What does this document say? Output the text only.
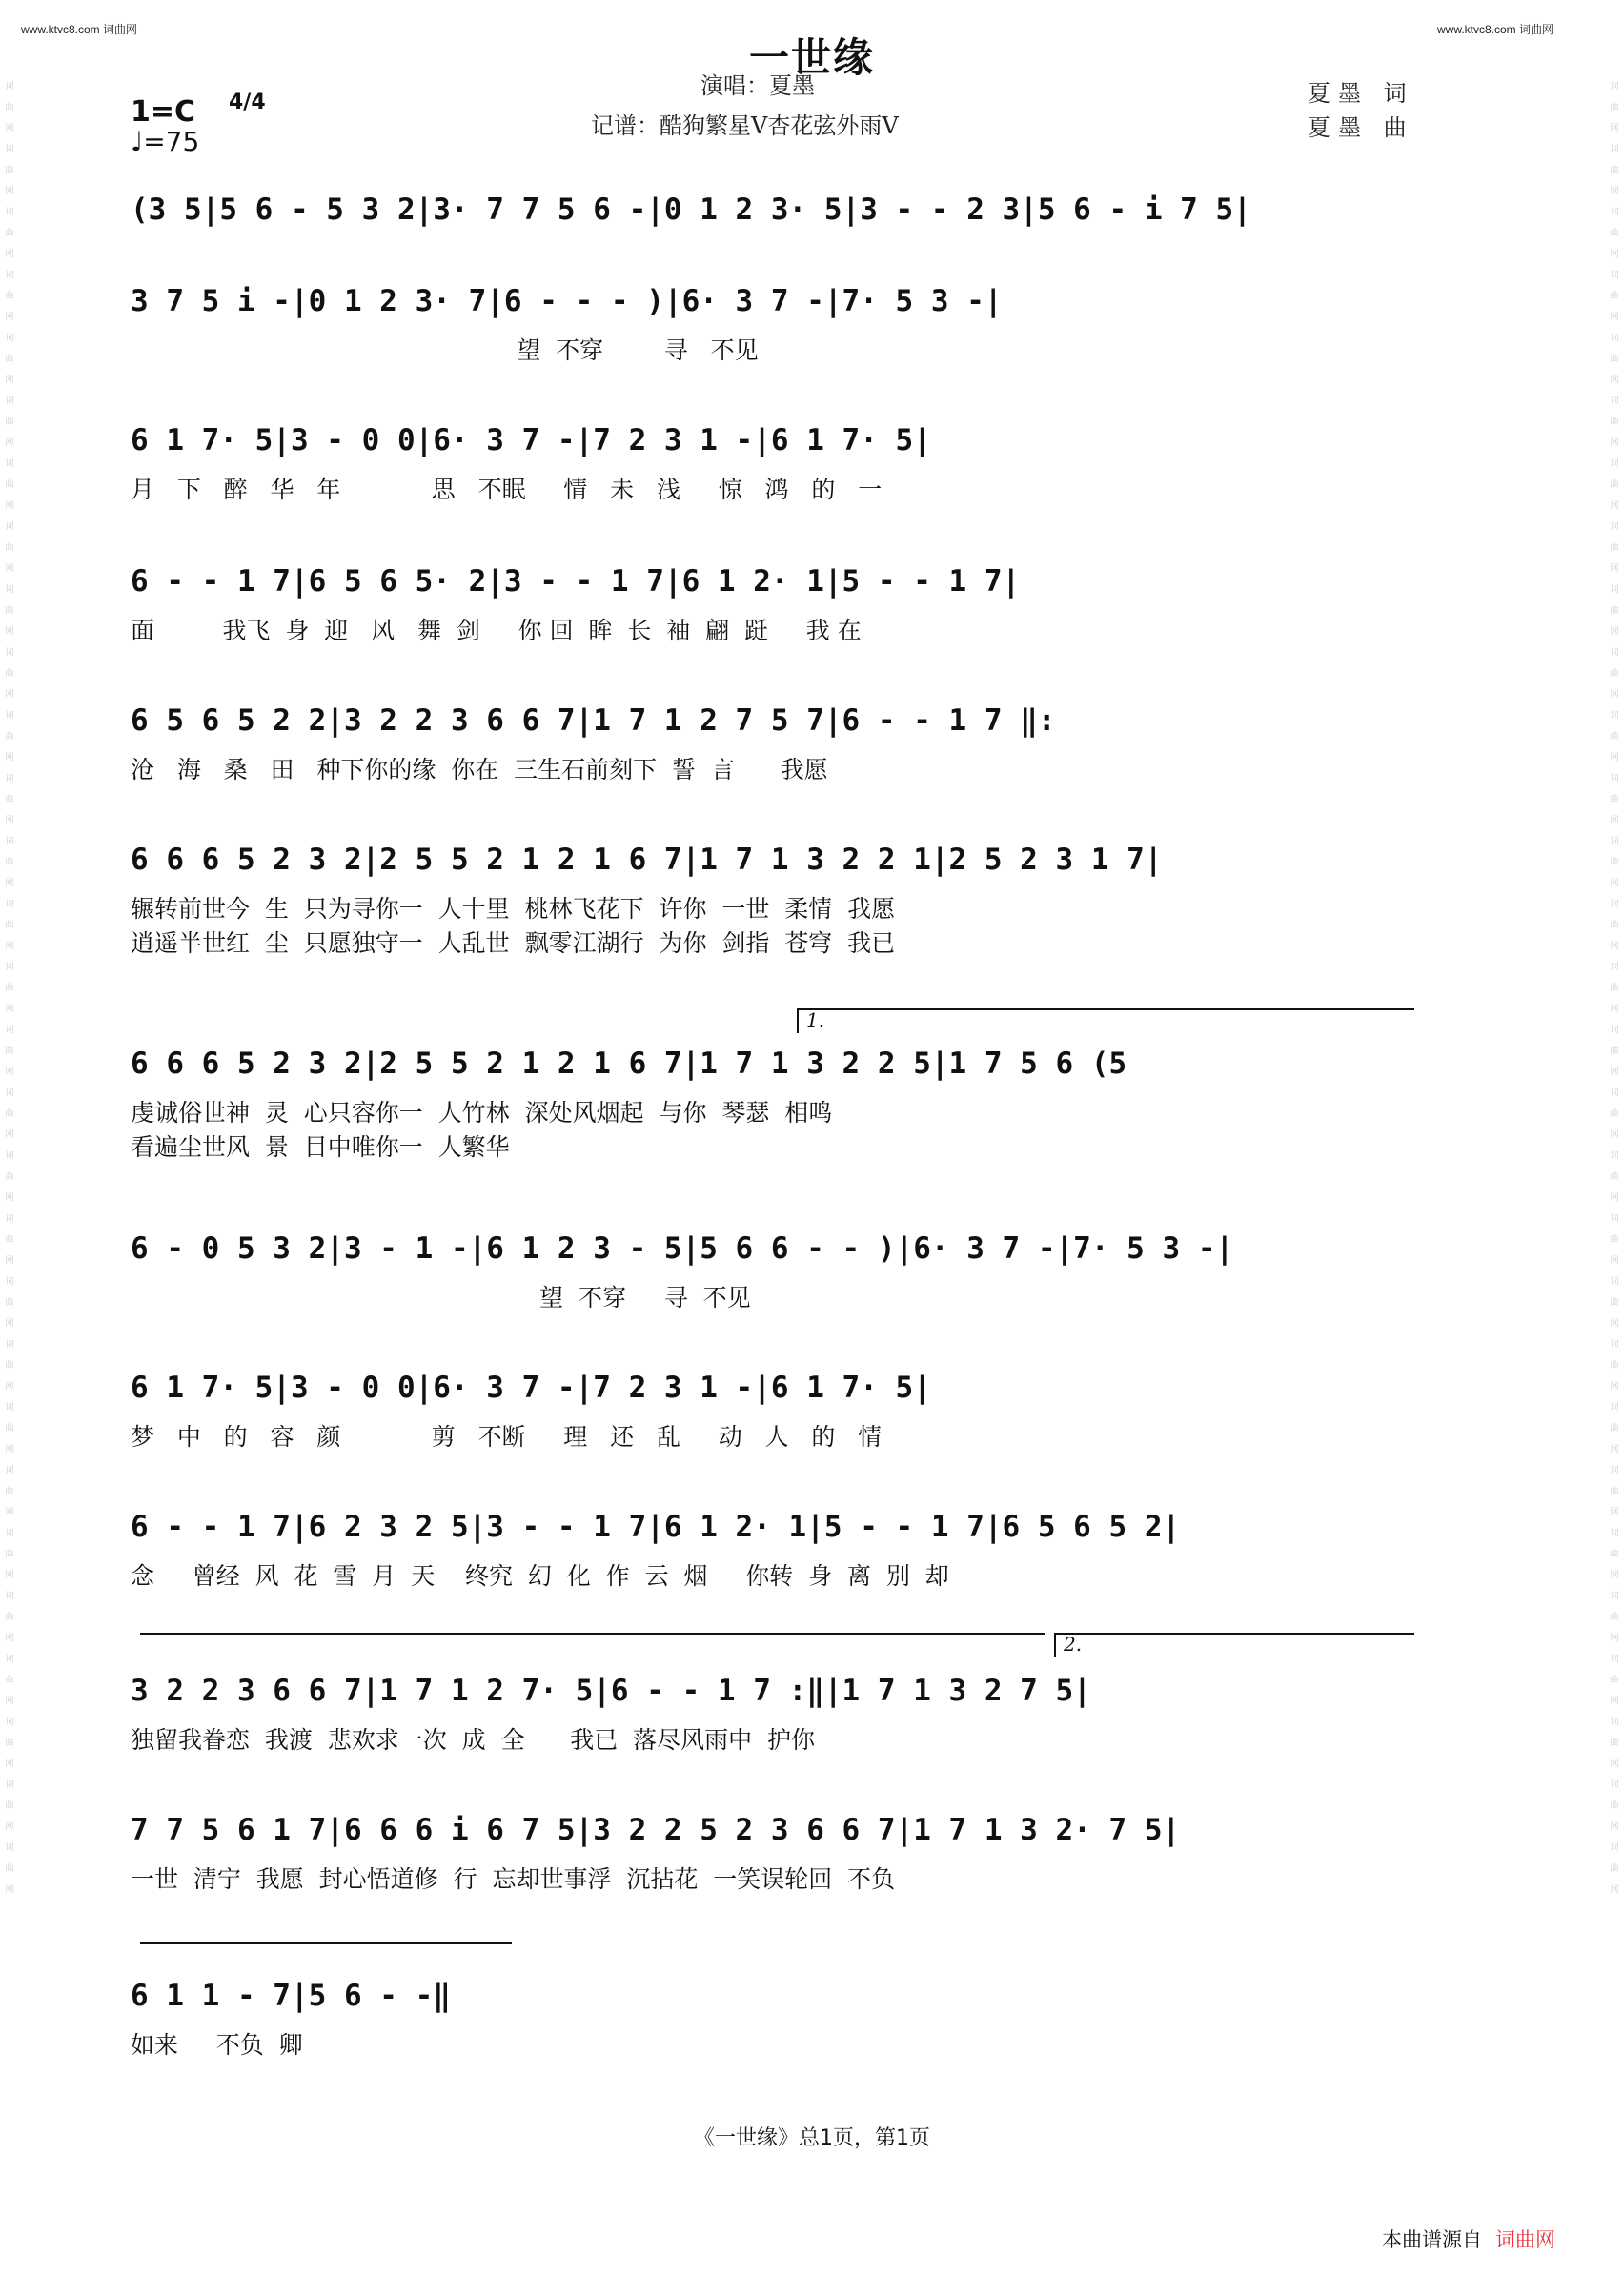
www.ktvc8.com 词曲网	www.ktvc8.com 词曲网
词曲网词曲网词曲网词曲网词曲网词曲网词曲网词曲网词曲网词曲网词曲网词曲网词曲网词曲网词曲网词曲网词曲网词曲网词曲网词曲网词曲网词曲网词曲网词曲网词曲网词曲网词曲网词曲网词曲网
词曲网词曲网词曲网词曲网词曲网词曲网词曲网词曲网词曲网词曲网词曲网词曲网词曲网词曲网词曲网词曲网词曲网词曲网词曲网词曲网词曲网词曲网词曲网词曲网词曲网词曲网词曲网词曲网词曲网
一世缘
演唱：夏墨
记谱：酷狗繁星V杏花弦外雨V
夏墨 词
夏墨 曲
1=C 4/4
♩=75
(3 5|5 6 - 5 3 2|3· 7 7 5 6 -|0 1 2 3· 5|3 - - 2 3|5 6 - i 7 5|
3 7 5 i -|0 1 2 3· 7|6 - - - )|6· 3 7 -|7· 5 3 -|
望  不穿        寻   不见
6 1 7· 5|3 - 0 0|6· 3 7 -|7 2 3 1 -|6 1 7· 5|
月   下   醉   华   年            思   不眠     情   未   浅     惊   鸿   的   一
6 - - 1 7|6 5 6 5· 2|3 - - 1 7|6 1 2· 1|5 - - 1 7|
面         我飞  身  迎   风   舞  剑     你 回  眸  长  袖  翩  跹     我 在
6 5 6 5 2 2|3 2 2 3 6 6 7|1 7 1 2 7 5 7|6 - - 1 7 ‖:
沧   海   桑   田   种下你的缘  你在  三生石前刻下  誓  言      我愿
6 6 6 5 2 3 2|2 5 5 2 1 2 1 6 7|1 7 1 3 2 2 1|2 5 2 3 1 7|
辗转前世今  生  只为寻你一  人十里  桃林飞花下  许你  一世  柔情  我愿
逍遥半世红  尘  只愿独守一  人乱世  飘零江湖行  为你  剑指  苍穹  我已
1.
6 6 6 5 2 3 2|2 5 5 2 1 2 1 6 7|1 7 1 3 2 2 5|1 7 5 6 (5
虔诚俗世神  灵  心只容你一  人竹林  深处风烟起  与你  琴瑟  相鸣
看遍尘世风  景  目中唯你一  人繁华
6 - 0 5 3 2|3 - 1 -|6 1 2 3 - 5|5 6 6 - - )|6· 3 7 -|7· 5 3 -|
望  不穿     寻  不见
6 1 7· 5|3 - 0 0|6· 3 7 -|7 2 3 1 -|6 1 7· 5|
梦   中   的   容   颜            剪   不断     理   还   乱     动   人   的   情
6 - - 1 7|6 2 3 2 5|3 - - 1 7|6 1 2· 1|5 - - 1 7|6 5 6 5 2|
念     曾经  风  花  雪  月  天    终究  幻  化  作  云  烟     你转  身  离  别  却
2.
3 2 2 3 6 6 7|1 7 1 2 7· 5|6 - - 1 7 :‖|1 7 1 3 2 7 5|
独留我眷恋  我渡  悲欢求一次  成  全      我已  落尽风雨中  护你
7 7 5 6 1 7|6 6 6 i 6 7 5|3 2 2 5 2 3 6 6 7|1 7 1 3 2· 7 5|
一世  清宁  我愿  封心悟道修  行  忘却世事浮  沉拈花  一笑误轮回  不负
6 1 1 - 7|5 6 - -‖
如来     不负  卿
《一世缘》总1页，第1页
本曲谱源自 词曲网
